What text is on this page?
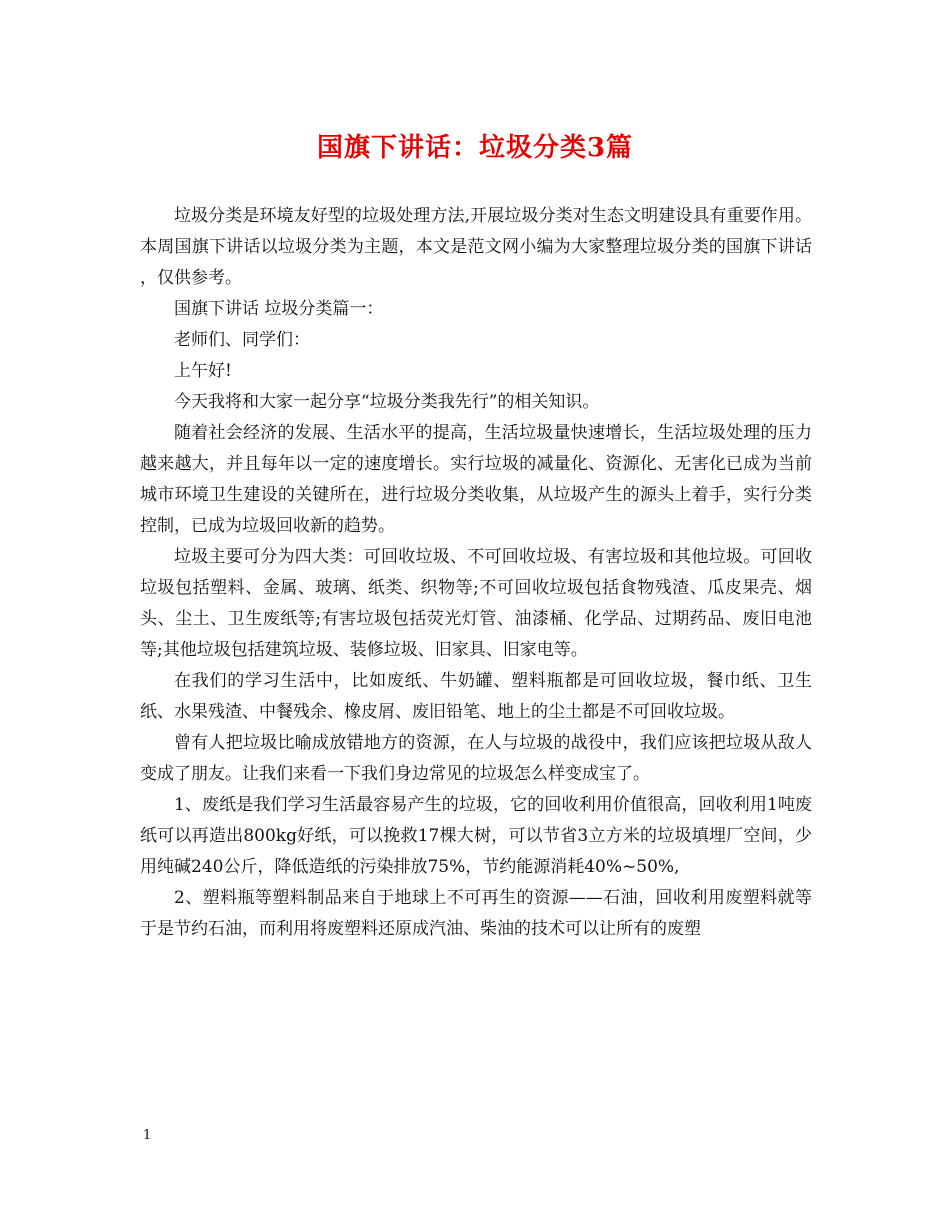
国旗下讲话：垃圾分类3篇

垃圾分类是环境友好型的垃圾处理方法,开展垃圾分类对生态文明建设具有重要作用。本周国旗下讲话以垃圾分类为主题，本文是范文网小编为大家整理垃圾分类的国旗下讲话 ，仅供参考。

国旗下讲话 垃圾分类篇一：

老师们、同学们：

上午好!

今天我将和大家一起分享“垃圾分类我先行”的相关知识。

随着社会经济的发展、生活水平的提高，生活垃圾量快速增长，生活垃圾处理的压力越来越大，并且每年以一定的速度增长。实行垃圾的减量化、资源化、无害化已成为当前城市环境卫生建设的关键所在，进行垃圾分类收集，从垃圾产生的源头上着手，实行分类控制，已成为垃圾回收新的趋势。

垃圾主要可分为四大类：可回收垃圾、不可回收垃圾、有害垃圾和其他垃圾。可回收垃圾包括塑料、金属、玻璃、纸类、织物等;不可回收垃圾包括食物残渣、瓜皮果壳、烟头、尘土、卫生废纸等;有害垃圾包括荧光灯管、油漆桶、化学品、过期药品、废旧电池等;其他垃圾包括建筑垃圾、装修垃圾、旧家具、旧家电等。

在我们的学习生活中，比如废纸、牛奶罐、塑料瓶都是可回收垃圾，餐巾纸、卫生纸、水果残渣、中餐残余、橡皮屑、废旧铅笔、地上的尘土都是不可回收垃圾。

曾有人把垃圾比喻成放错地方的资源，在人与垃圾的战役中，我们应该把垃圾从敌人变成了朋友。让我们来看一下我们身边常见的垃圾怎么样变成宝了。

1、废纸是我们学习生活最容易产生的垃圾，它的回收利用价值很高，回收利用1吨废纸可以再造出800kg好纸，可以挽救17棵大树，可以节省3立方米的垃圾填埋厂空间，少用纯碱240公斤，降低造纸的污染排放75%，节约能源消耗40%~50%,

2、塑料瓶等塑料制品来自于地球上不可再生的资源——石油，回收利用废塑料就等于是节约石油，而利用将废塑料还原成汽油、柴油的技术可以让所有的废塑

1
